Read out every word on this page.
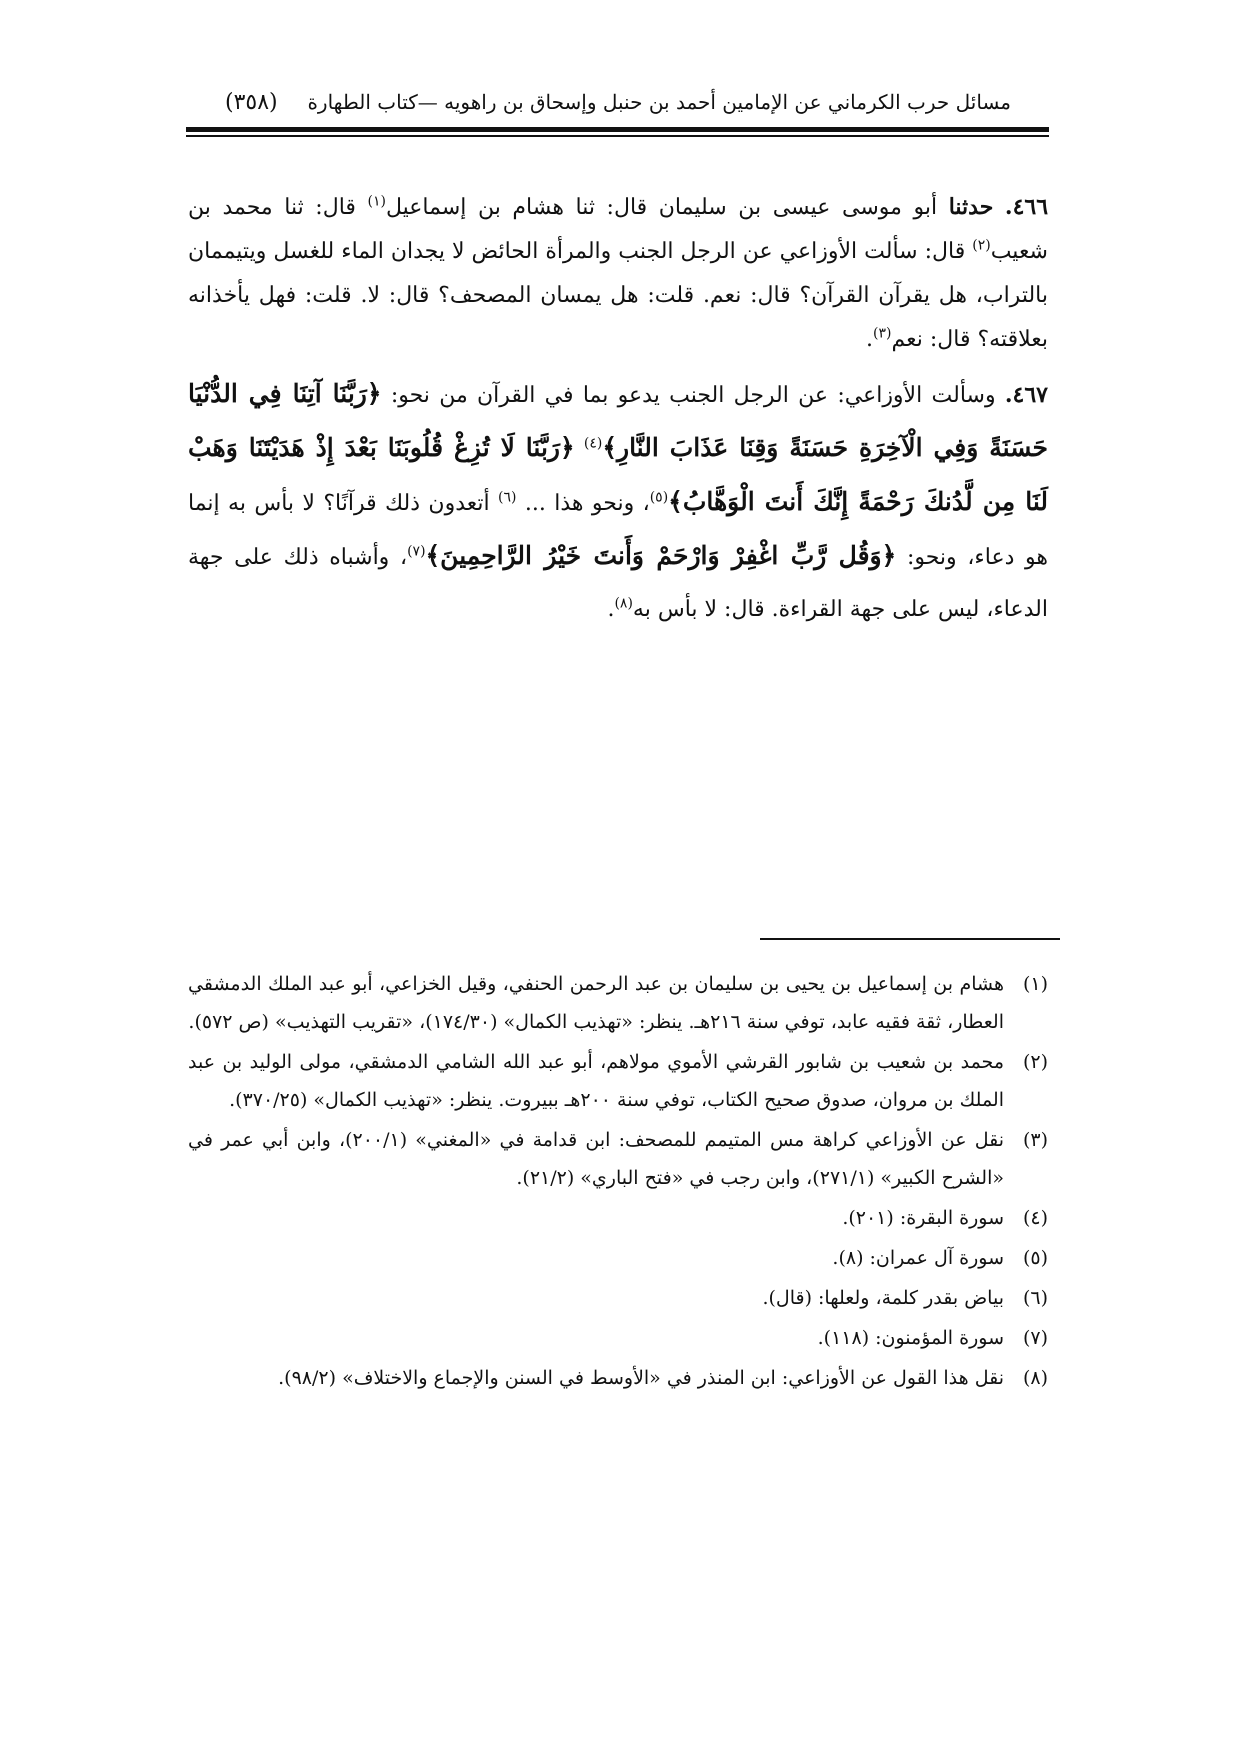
مسائل حرب الكرماني عن الإمامين أحمد بن حنبل وإسحاق بن راهويه —كتاب الطهارة
(٣٥٨)

٤٦٦. حدثنا أبو موسى عيسى بن سليمان قال: ثنا هشام بن إسماعيل$^{(١)}$ قال: ثنا محمد بن شعيب$^{(٢)}$ قال: سألت الأوزاعي عن الرجل الجنب والمرأة الحائض لا يجدان الماء للغسل ويتيممان بالتراب، هل يقرآن القرآن؟ قال: نعم. قلت: هل يمسان المصحف؟ قال: لا. قلت: فهل يأخذانه بعلاقته؟ قال: نعم$^{(٣)}$.

٤٦٧. وسألت الأوزاعي: عن الرجل الجنب يدعو بما في القرآن من نحو: ﴿رَبَّنَا آتِنَا فِي الدُّنْيَا حَسَنَةً وَفِي الْآخِرَةِ حَسَنَةً وَقِنَا عَذَابَ النَّارِ﴾$^{(٤)}$ ﴿رَبَّنَا لَا تُزِغْ قُلُوبَنَا بَعْدَ إِذْ هَدَيْتَنَا وَهَبْ لَنَا مِن لَّدُنكَ رَحْمَةً إِنَّكَ أَنتَ الْوَهَّابُ﴾$^{(٥)}$، ونحو هذا ... $^{(٦)}$ أتعدون ذلك قرآنًا؟ لا بأس به إنما هو دعاء، ونحو: ﴿وَقُل رَّبِّ اغْفِرْ وَارْحَمْ وَأَنتَ خَيْرُ الرَّاحِمِينَ﴾$^{(٧)}$، وأشباه ذلك على جهة الدعاء، ليس على جهة القراءة. قال: لا بأس به$^{(٨)}$.

(١)
هشام بن إسماعيل بن يحيى بن سليمان بن عبد الرحمن الحنفي، وقيل الخزاعي، أبو عبد الملك الدمشقي العطار، ثقة فقيه عابد، توفي سنة ٢١٦هـ. ينظر: «تهذيب الكمال» (١٧٤/٣٠)، «تقريب التهذيب» (ص ٥٧٢).

(٢)
محمد بن شعيب بن شابور القرشي الأموي مولاهم، أبو عبد الله الشامي الدمشقي، مولى الوليد بن عبد الملك بن مروان، صدوق صحيح الكتاب، توفي سنة ٢٠٠هـ ببيروت. ينظر: «تهذيب الكمال» (٣٧٠/٢٥).

(٣)
نقل عن الأوزاعي كراهة مس المتيمم للمصحف: ابن قدامة في «المغني» (٢٠٠/١)، وابن أبي عمر في «الشرح الكبير» (٢٧١/١)، وابن رجب في «فتح الباري» (٢١/٢).

(٤)
سورة البقرة: (٢٠١).

(٥)
سورة آل عمران: (٨).

(٦)
بياض بقدر كلمة، ولعلها: (قال).

(٧)
سورة المؤمنون: (١١٨).

(٨)
نقل هذا القول عن الأوزاعي: ابن المنذر في «الأوسط في السنن والإجماع والاختلاف» (٩٨/٢).
